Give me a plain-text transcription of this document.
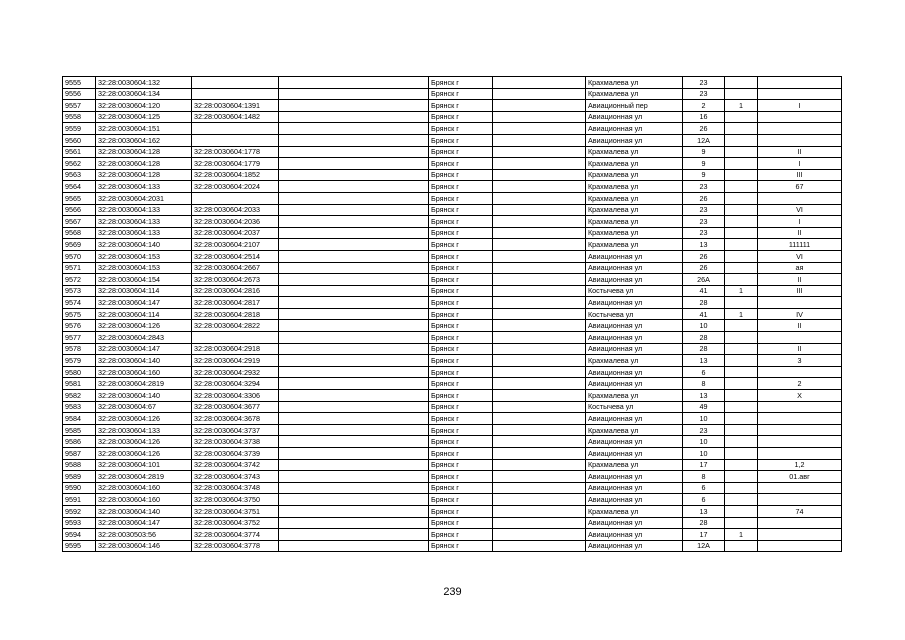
9555	32:28:0030604:132			Брянск г		Крахмалева ул	23		
9556	32:28:0030604:134			Брянск г		Крахмалева ул	23		
9557	32:28:0030604:120	32:28:0030604:1391		Брянск г		Авиационный пер	2	1	I
9558	32:28:0030604:125	32:28:0030604:1482		Брянск г		Авиационная ул	16		
9559	32:28:0030604:151			Брянск г		Авиационная ул	26		
9560	32:28:0030604:162			Брянск г		Авиационная ул	12А		
9561	32:28:0030604:128	32:28:0030604:1778		Брянск г		Крахмалева ул	9		II
9562	32:28:0030604:128	32:28:0030604:1779		Брянск г		Крахмалева ул	9		I
9563	32:28:0030604:128	32:28:0030604:1852		Брянск г		Крахмалева ул	9		III
9564	32:28:0030604:133	32:28:0030604:2024		Брянск г		Крахмалева ул	23		67
9565	32:28:0030604:2031			Брянск г		Крахмалева ул	26		
9566	32:28:0030604:133	32:28:0030604:2033		Брянск г		Крахмалева ул	23		VI
9567	32:28:0030604:133	32:28:0030604:2036		Брянск г		Крахмалева ул	23		I
9568	32:28:0030604:133	32:28:0030604:2037		Брянск г		Крахмалева ул	23		II
9569	32:28:0030604:140	32:28:0030604:2107		Брянск г		Крахмалева ул	13		111111
9570	32:28:0030604:153	32:28:0030604:2514		Брянск г		Авиационная ул	26		VI
9571	32:28:0030604:153	32:28:0030604:2667		Брянск г		Авиационная ул	26		ая
9572	32:28:0030604:154	32:28:0030604:2673		Брянск г		Авиационная ул	26А		II
9573	32:28:0030604:114	32:28:0030604:2816		Брянск г		Костычева ул	41	1	III
9574	32:28:0030604:147	32:28:0030604:2817		Брянск г		Авиационная ул	28		
9575	32:28:0030604:114	32:28:0030604:2818		Брянск г		Костычева ул	41	1	IV
9576	32:28:0030604:126	32:28:0030604:2822		Брянск г		Авиационная ул	10		II
9577	32:28:0030604:2843			Брянск г		Авиационная ул	28		
9578	32:28:0030604:147	32:28:0030604:2918		Брянск г		Авиационная ул	28		II
9579	32:28:0030604:140	32:28:0030604:2919		Брянск г		Крахмалева ул	13		3
9580	32:28:0030604:160	32:28:0030604:2932		Брянск г		Авиационная ул	6		
9581	32:28:0030604:2819	32:28:0030604:3294		Брянск г		Авиационная ул	8		2
9582	32:28:0030604:140	32:28:0030604:3306		Брянск г		Крахмалева ул	13		X
9583	32:28:0030604:67	32:28:0030604:3677		Брянск г		Костычева ул	49		
9584	32:28:0030604:126	32:28:0030604:3678		Брянск г		Авиационная ул	10		
9585	32:28:0030604:133	32:28:0030604:3737		Брянск г		Крахмалева ул	23		
9586	32:28:0030604:126	32:28:0030604:3738		Брянск г		Авиационная ул	10		
9587	32:28:0030604:126	32:28:0030604:3739		Брянск г		Авиационная ул	10		
9588	32:28:0030604:101	32:28:0030604:3742		Брянск г		Крахмалева ул	17		1,2
9589	32:28:0030604:2819	32:28:0030604:3743		Брянск г		Авиационная ул	8		01.авг
9590	32:28:0030604:160	32:28:0030604:3748		Брянск г		Авиационная ул	6		
9591	32:28:0030604:160	32:28:0030604:3750		Брянск г		Авиационная ул	6		
9592	32:28:0030604:140	32:28:0030604:3751		Брянск г		Крахмалева ул	13		74
9593	32:28:0030604:147	32:28:0030604:3752		Брянск г		Авиационная ул	28		
9594	32:28:0030503:56	32:28:0030604:3774		Брянск г		Авиационная ул	17	1	
9595	32:28:0030604:146	32:28:0030604:3778		Брянск г		Авиационная ул	12А		
239
